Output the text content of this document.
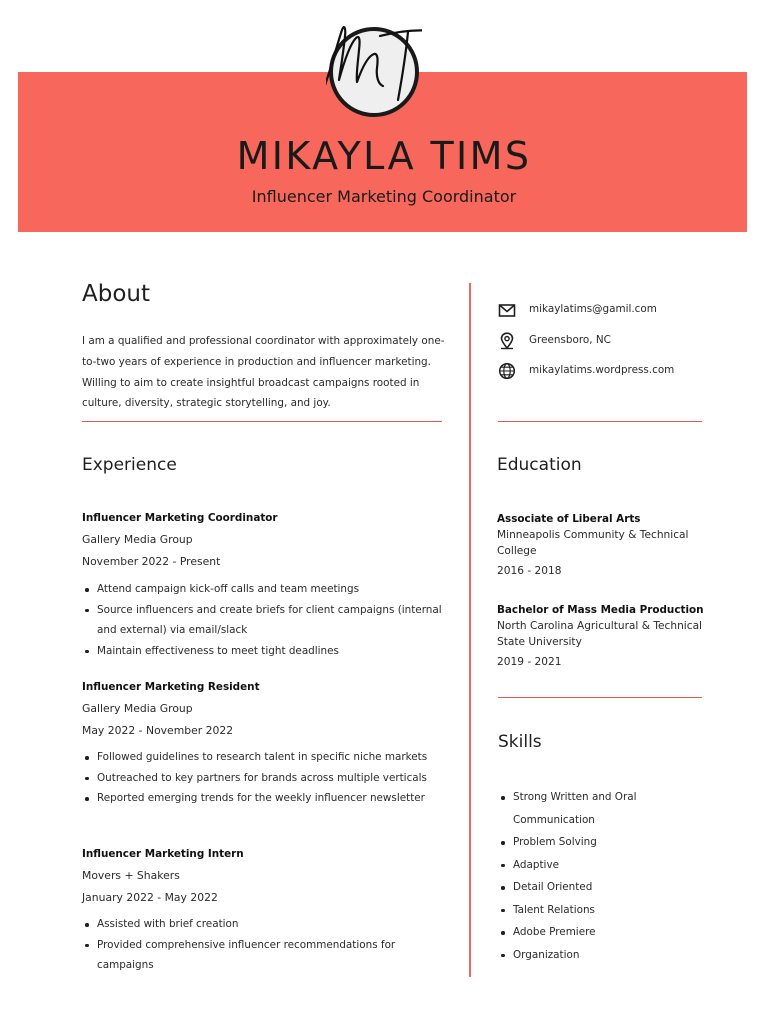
MT
MIKAYLA TIMS
Influencer Marketing Coordinator
About
I am a qualified and professional coordinator with approximately one-to-two years of experience in production and influencer marketing. Willing to aim to create insightful broadcast campaigns rooted in culture, diversity, strategic storytelling, and joy.
mikaylatims@gamil.com
Greensboro, NC
mikaylatims.wordpress.com
Experience
Influencer Marketing Coordinator
Gallery Media Group
November 2022 - Present
Attend campaign kick-off calls and team meetings
Source influencers and create briefs for client campaigns (internal and external) via email/slack
Maintain effectiveness to meet tight deadlines
Influencer Marketing Resident
Gallery Media Group
May 2022 - November 2022
Followed guidelines to research talent in specific niche markets
Outreached to key partners for brands across multiple verticals
Reported emerging trends for the weekly influencer newsletter
Influencer Marketing Intern
Movers + Shakers
January 2022 - May 2022
Assisted with brief creation
Provided comprehensive influencer recommendations for campaigns
Education
Associate of Liberal Arts
Minneapolis Community & Technical College
2016 - 2018
Bachelor of Mass Media Production
North Carolina Agricultural & Technical State University
2019 - 2021
Skills
Strong Written and Oral Communication
Problem Solving
Adaptive
Detail Oriented
Talent Relations
Adobe Premiere
Organization
